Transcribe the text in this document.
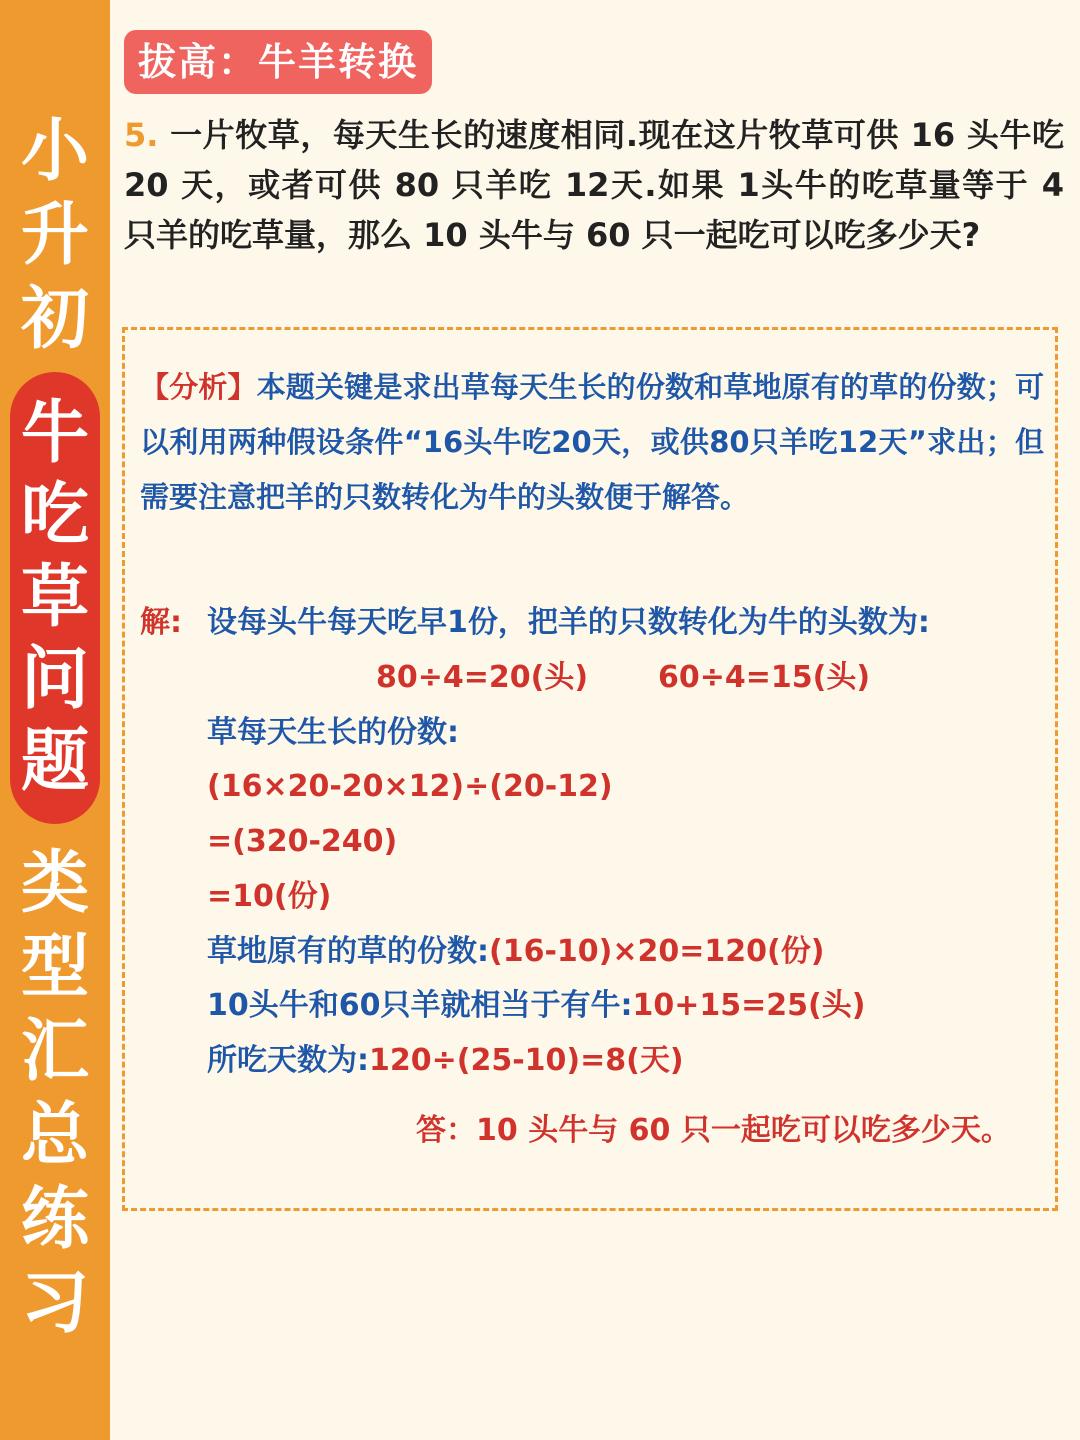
小
升
初
牛
吃
草
问
题
类
型
汇
总
练
习
拔高：牛羊转换
5. 一片牧草，每天生长的速度相同.现在这片牧草可供 16 头牛吃 20 天，或者可供 80 只羊吃 12天.如果 1头牛的吃草量等于 4 只羊的吃草量，那么 10 头牛与 60 只一起吃可以吃多少天?
【分析】本题关键是求出草每天生长的份数和草地原有的草的份数；可以利用两种假设条件“16头牛吃20天，或供80只羊吃12天”求出；但需要注意把羊的只数转化为牛的头数便于解答。
解: 设每头牛每天吃早1份，把羊的只数转化为牛的头数为:
80÷4=20(头) 60÷4=15(头)
草每天生长的份数:
(16×20-20×12)÷(20-12)
=(320-240)
=10(份)
草地原有的草的份数:(16-10)×20=120(份)
10头牛和60只羊就相当于有牛:10+15=25(头)
所吃天数为:120÷(25-10)=8(天)
答：10 头牛与 60 只一起吃可以吃多少天。
